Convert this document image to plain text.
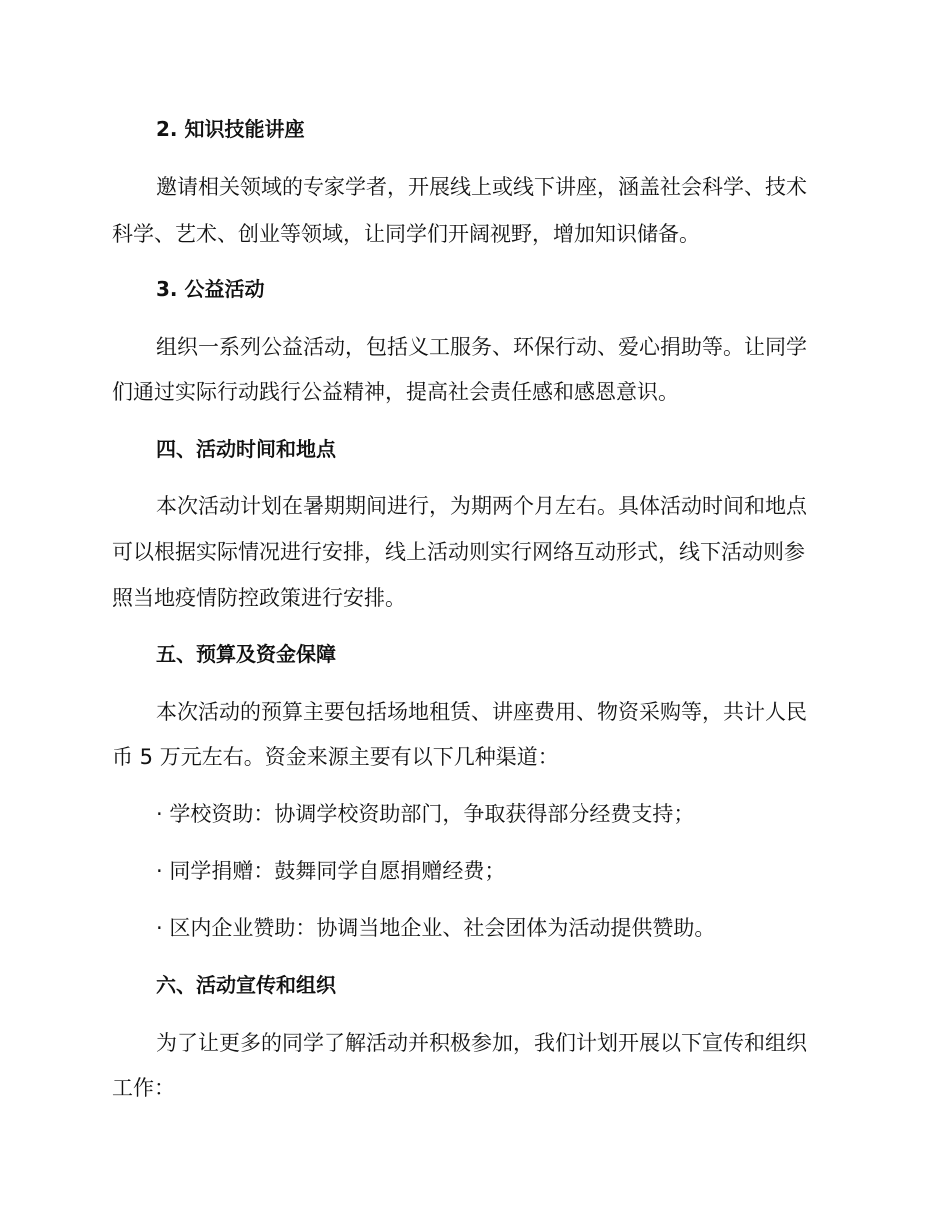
2. 知识技能讲座
邀请相关领域的专家学者，开展线上或线下讲座，涵盖社会科学、技术
科学、艺术、创业等领域，让同学们开阔视野，增加知识储备。
3. 公益活动
组织一系列公益活动，包括义工服务、环保行动、爱心捐助等。让同学
们通过实际行动践行公益精神，提高社会责任感和感恩意识。
四、活动时间和地点
本次活动计划在暑期期间进行，为期两个月左右。具体活动时间和地点
可以根据实际情况进行安排，线上活动则实行网络互动形式，线下活动则参
照当地疫情防控政策进行安排。
五、预算及资金保障
本次活动的预算主要包括场地租赁、讲座费用、物资采购等，共计人民
币 5 万元左右。资金来源主要有以下几种渠道：
· 学校资助：协调学校资助部门，争取获得部分经费支持；
· 同学捐赠：鼓舞同学自愿捐赠经费；
· 区内企业赞助：协调当地企业、社会团体为活动提供赞助。
六、活动宣传和组织
为了让更多的同学了解活动并积极参加，我们计划开展以下宣传和组织
工作：
